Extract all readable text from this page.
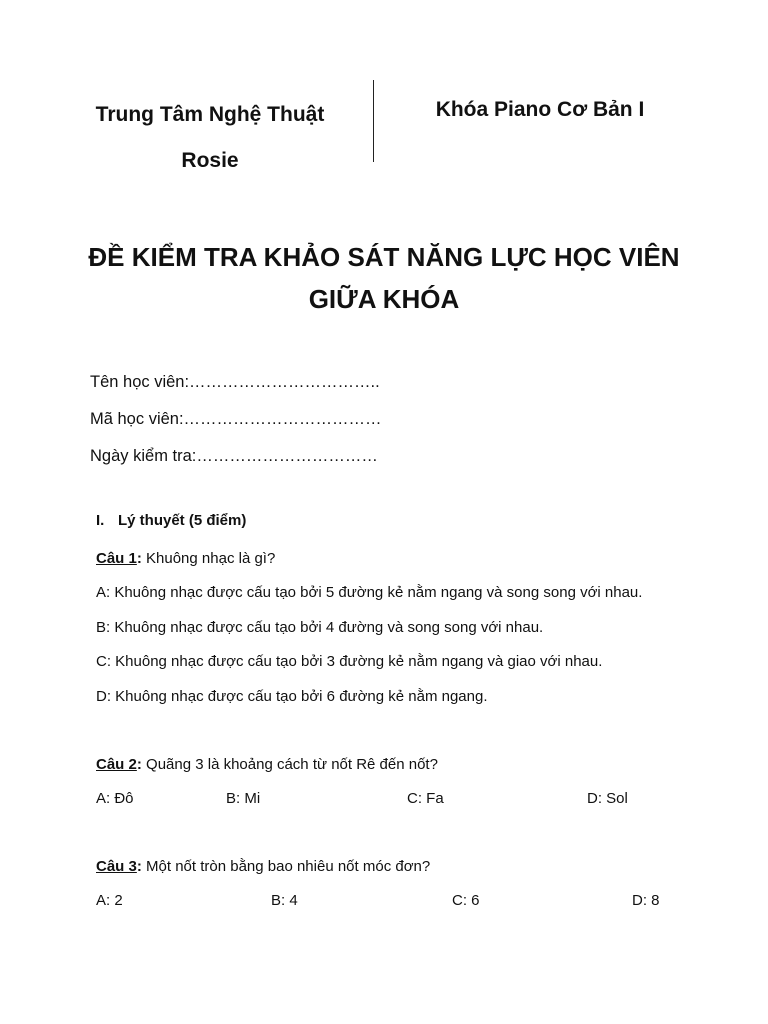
Trung Tâm Nghệ Thuật
Rosie
Khóa Piano Cơ Bản I
ĐỀ KIỂM TRA KHẢO SÁT NĂNG LỰC HỌC VIÊN
GIỮA KHÓA
Tên học viên:……………………………..
Mã học viên:………………………………
Ngày kiểm tra:……………………………
I. Lý thuyết (5 điểm)
Câu 1: Khuông nhạc là gì?
A: Khuông nhạc được cấu tạo bởi 5 đường kẻ nằm ngang và song song với nhau.
B: Khuông nhạc được cấu tạo bởi 4 đường và song song với nhau.
C: Khuông nhạc được cấu tạo bởi 3 đường kẻ nằm ngang và giao với nhau.
D: Khuông nhạc được cấu tạo bởi 6 đường kẻ nằm ngang.
Câu 2: Quãng 3 là khoảng cách từ nốt Rê đến nốt?
A: Đô	B: Mi	C: Fa	D: Sol
Câu 3: Một nốt tròn bằng bao nhiêu nốt móc đơn?
A: 2	B: 4	C: 6	D: 8
